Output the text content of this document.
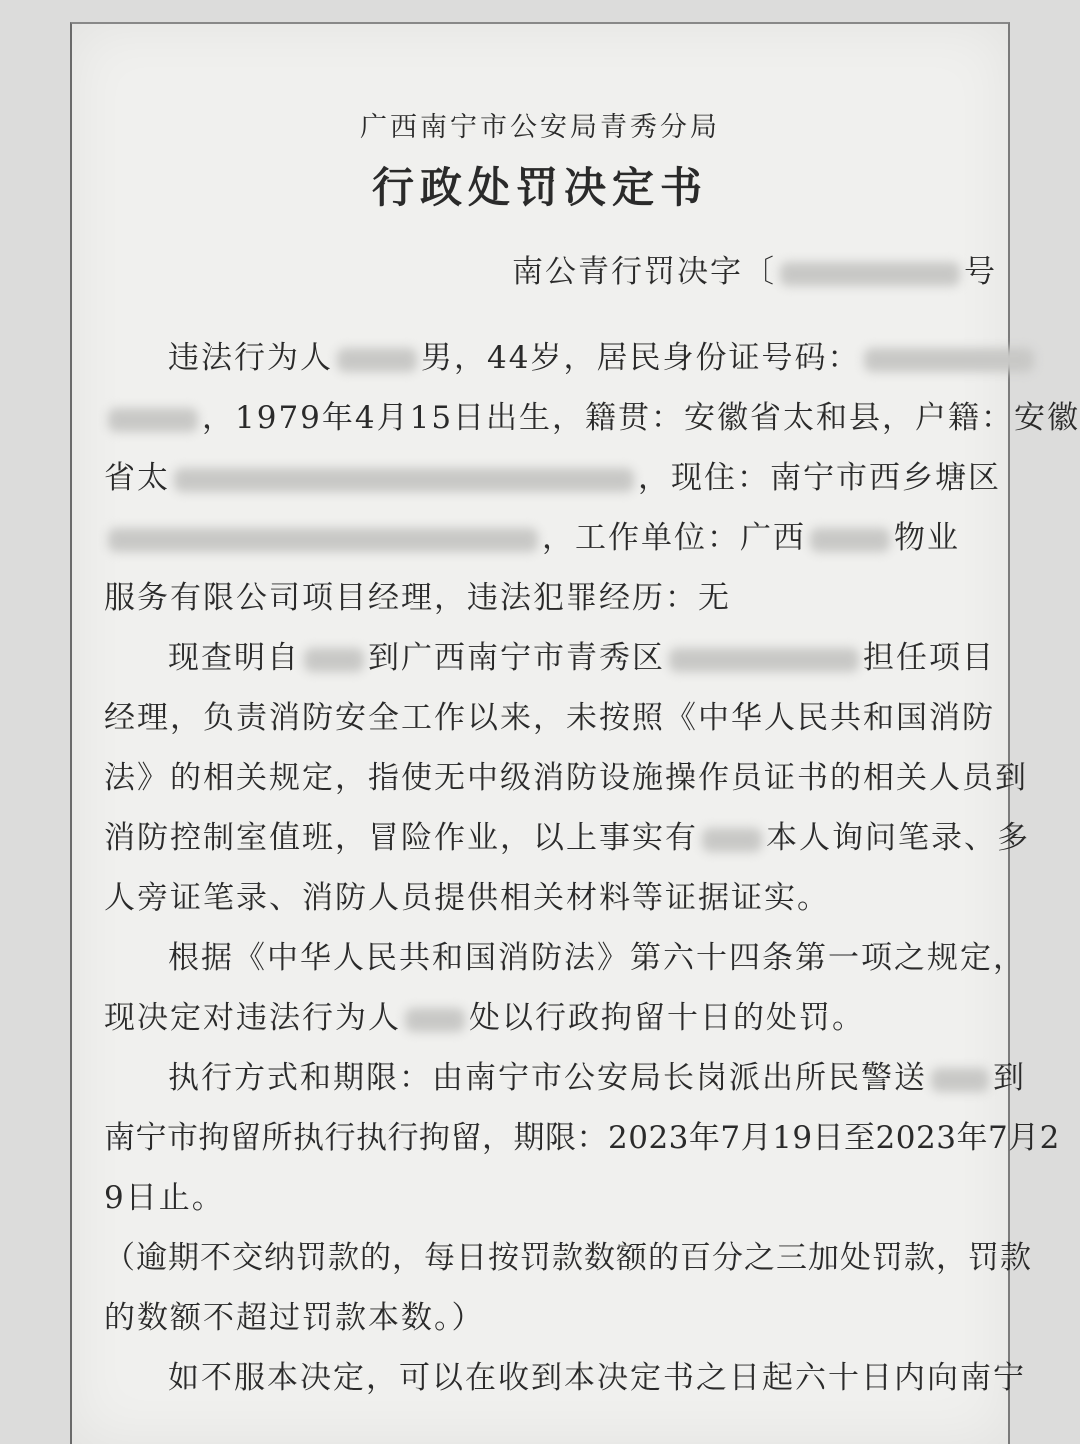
广西南宁市公安局青秀分局
行政处罚决定书
南公青行罚决字〔	号
违法行为人	男，44岁，居民身份证号码：
，1979年4月15日出生，籍贯：安徽省太和县，户籍：安徽
省太	，现住：南宁市西乡塘区
，工作单位：广西	物业
服务有限公司项目经理，违法犯罪经历：无
现查明自 到广西南宁市青秀区	担任项目
经理，负责消防安全工作以来，未按照《中华人民共和国消防
法》的相关规定，指使无中级消防设施操作员证书的相关人员到
消防控制室值班，冒险作业，以上事实有 本人询问笔录、多
人旁证笔录、消防人员提供相关材料等证据证实。
根据《中华人民共和国消防法》第六十四条第一项之规定，
现决定对违法行为人 处以行政拘留十日的处罚。
执行方式和期限：由南宁市公安局长岗派出所民警送 到
南宁市拘留所执行执行拘留，期限：2023年7月19日至2023年7月2
9日止。
（逾期不交纳罚款的，每日按罚款数额的百分之三加处罚款，罚款
的数额不超过罚款本数。）
如不服本决定，可以在收到本决定书之日起六十日内向南宁
